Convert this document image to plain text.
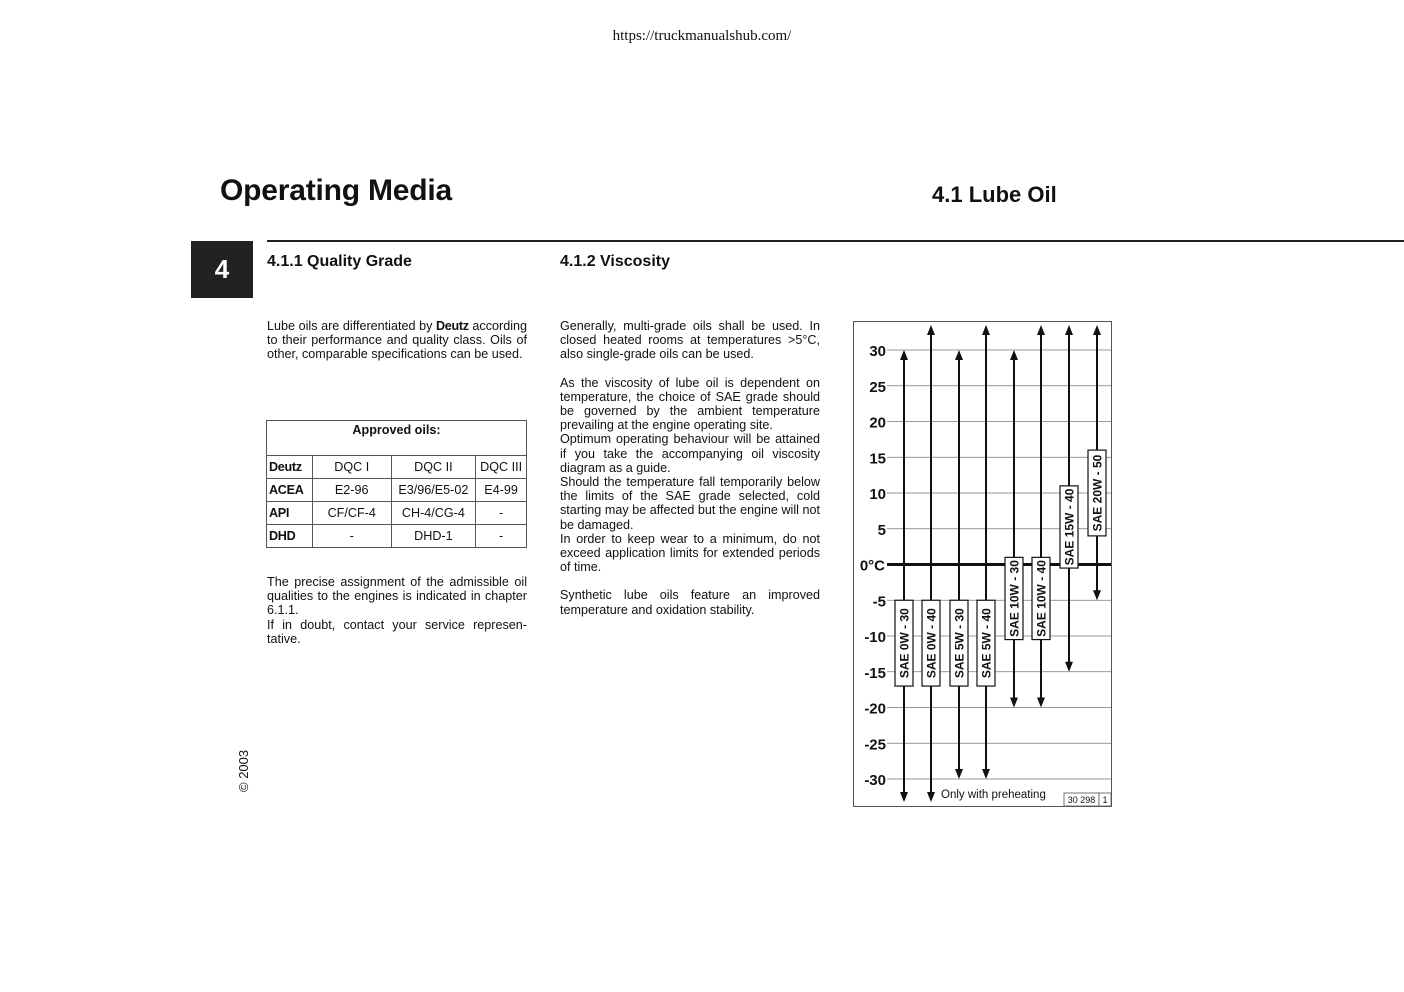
https://truckmanualshub.com/
Operating Media	4.1 Lube Oil
4 4.1.1 Quality Grade

Lube oils are differentiated by Deutz according to their performance and quality class. Oils of other, comparable specifications can be used.

Approved oils:			
Deutz	DQC I	DQC II	DQC III
ACEA	E2-96	E3/96/E5-02	E4-99
API	CF/CF-4	CH-4/CG-4	-
DHD	-	DHD-1	-

The precise assignment of the admissible oil qualities to the engines is indicated in chapter 6.1.1.

If in doubt, contact your service represen-tative.

4.1.2 Viscosity

Generally, multi-grade oils shall be used. In closed heated rooms at temperatures >5°C, also single-grade oils can be used.

As the viscosity of lube oil is dependent on temperature, the choice of SAE grade should be governed by the ambient temperature prevailing at the engine operating site.

Optimum operating behaviour will be attained if you take the accompanying oil viscosity diagram as a guide.

Should the temperature fall temporarily below the limits of the SAE grade selected, cold starting may be affected but the engine will not be damaged.

In order to keep wear to a minimum, do not exceed application limits for extended periods of time.

Synthetic lube oils feature an improved temperature and oxidation stability.

30
25
20
15
10
5
0°C
-5
-10
-15
-20
-25
-30
SAE 0W - 30 SAE 0W - 40 SAE 5W - 30 SAE 5W - 40
SAE 10W - 30 SAE 10W - 40
SAE 15W - 40 SAE 20W - 50
Only with preheating 30 298 1
© 2003
